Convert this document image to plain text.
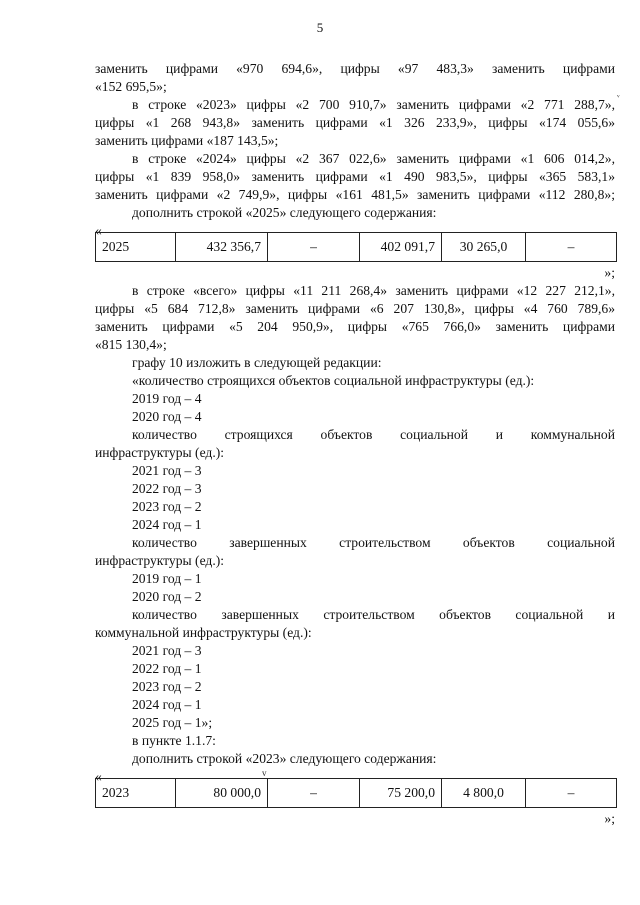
5
заменить цифрами «970 694,6», цифры «97 483,3» заменить цифрами
«152 695,5»;
в строке «2023» цифры «2 700 910,7» заменить цифрами «2 771 288,7», ᵛ
цифры «1 268 943,8» заменить цифрами «1 326 233,9», цифры «174 055,6»
заменить цифрами «187 143,5»;
в строке «2024» цифры «2 367 022,6» заменить цифрами «1 606 014,2»,
цифры «1 839 958,0» заменить цифрами «1 490 983,5», цифры «365 583,1»
заменить цифрами «2 749,9», цифры «161 481,5» заменить цифрами «112 280,8»;
дополнить строкой «2025» следующего содержания:
«
2025	432 356,7	–	402 091,7	30 265,0	–
»;
в строке «всего» цифры «11 211 268,4» заменить цифрами «12 227 212,1»,
цифры «5 684 712,8» заменить цифрами «6 207 130,8», цифры «4 760 789,6»
заменить цифрами «5 204 950,9», цифры «765 766,0» заменить цифрами
«815 130,4»;
графу 10 изложить в следующей редакции:
«количество строящихся объектов социальной инфраструктуры (ед.):
2019 год – 4
2020 год – 4
количество строящихся объектов социальной и коммунальной
инфраструктуры (ед.):
2021 год – 3
2022 год – 3
2023 год – 2
2024 год – 1
количество завершенных строительством объектов социальной
инфраструктуры (ед.):
2019 год – 1
2020 год – 2
количество завершенных строительством объектов социальной и
коммунальной инфраструктуры (ед.):
2021 год – 3
2022 год – 1
2023 год – 2
2024 год – 1
2025 год – 1»;
в пункте 1.1.7:
дополнить строкой «2023» следующего содержания:
«	v
2023	80 000,0	–	75 200,0	4 800,0	–
»;
